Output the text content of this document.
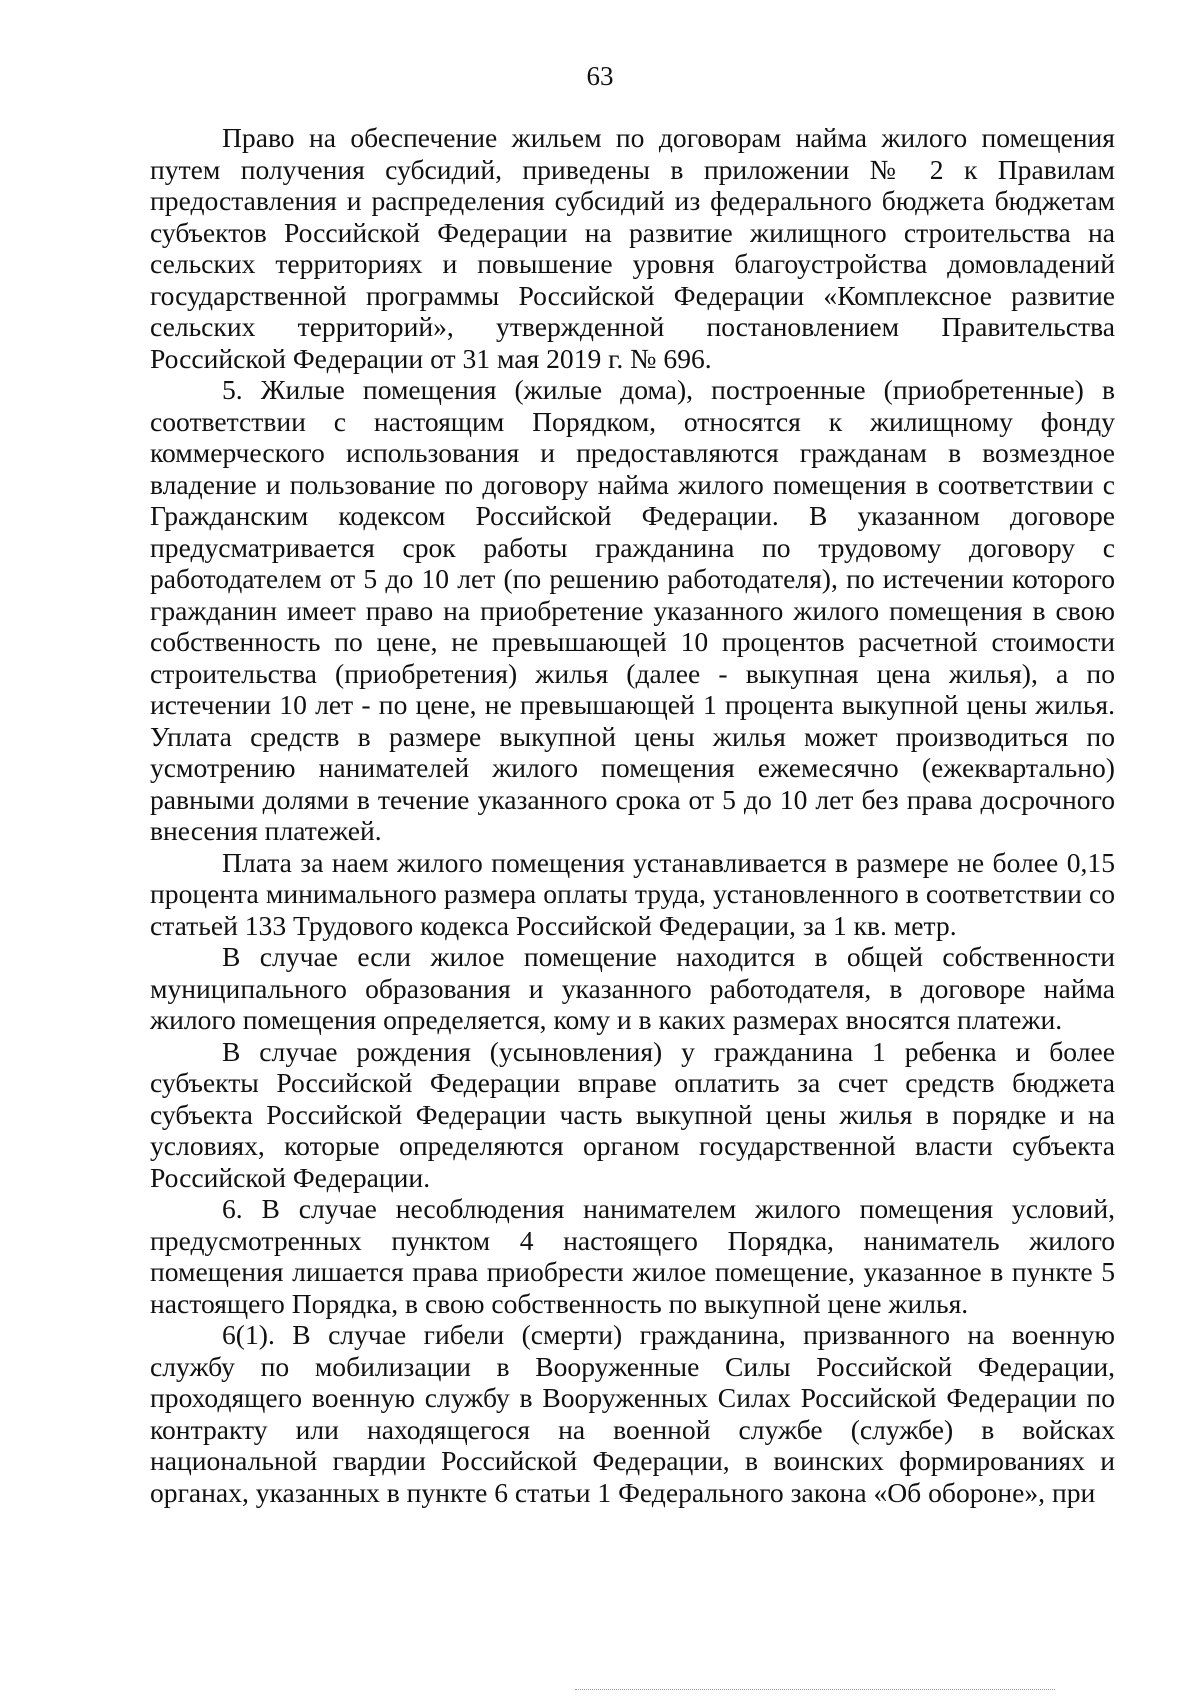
63

Право на обеспечение жильем по договорам найма жилого помещения путем получения субсидий, приведены в приложении № 2 к Правилам предоставления и распределения субсидий из федерального бюджета бюджетам субъектов Российской Федерации на развитие жилищного строительства на сельских территориях и повышение уровня благоустройства домовладений государственной программы Российской Федерации «Комплексное развитие сельских территорий», утвержденной постановлением Правительства Российской Федерации от 31 мая 2019 г. № 696.

5. Жилые помещения (жилые дома), построенные (приобретенные) в соответствии с настоящим Порядком, относятся к жилищному фонду коммерческого использования и предоставляются гражданам в возмездное владение и пользование по договору найма жилого помещения в соответствии с Гражданским кодексом Российской Федерации. В указанном договоре предусматривается срок работы гражданина по трудовому договору с работодателем от 5 до 10 лет (по решению работодателя), по истечении которого гражданин имеет право на приобретение указанного жилого помещения в свою собственность по цене, не превышающей 10 процентов расчетной стоимости строительства (приобретения) жилья (далее - выкупная цена жилья), а по истечении 10 лет - по цене, не превышающей 1 процента выкупной цены жилья. Уплата средств в размере выкупной цены жилья может производиться по усмотрению нанимателей жилого помещения ежемесячно (ежеквартально) равными долями в течение указанного срока от 5 до 10 лет без права досрочного внесения платежей.

Плата за наем жилого помещения устанавливается в размере не более 0,15 процента минимального размера оплаты труда, установленного в соответствии со статьей 133 Трудового кодекса Российской Федерации, за 1 кв. метр.

В случае если жилое помещение находится в общей собственности муниципального образования и указанного работодателя, в договоре найма жилого помещения определяется, кому и в каких размерах вносятся платежи.

В случае рождения (усыновления) у гражданина 1 ребенка и более субъекты Российской Федерации вправе оплатить за счет средств бюджета субъекта Российской Федерации часть выкупной цены жилья в порядке и на условиях, которые определяются органом государственной власти субъекта Российской Федерации.

6. В случае несоблюдения нанимателем жилого помещения условий, предусмотренных пунктом 4 настоящего Порядка, наниматель жилого помещения лишается права приобрести жилое помещение, указанное в пункте 5 настоящего Порядка, в свою собственность по выкупной цене жилья.

6(1). В случае гибели (смерти) гражданина, призванного на военную службу по мобилизации в Вооруженные Силы Российской Федерации, проходящего военную службу в Вооруженных Силах Российской Федерации по контракту или находящегося на военной службе (службе) в войсках национальной гвардии Российской Федерации, в воинских формированиях и органах, указанных в пункте 6 статьи 1 Федерального закона «Об обороне», при
